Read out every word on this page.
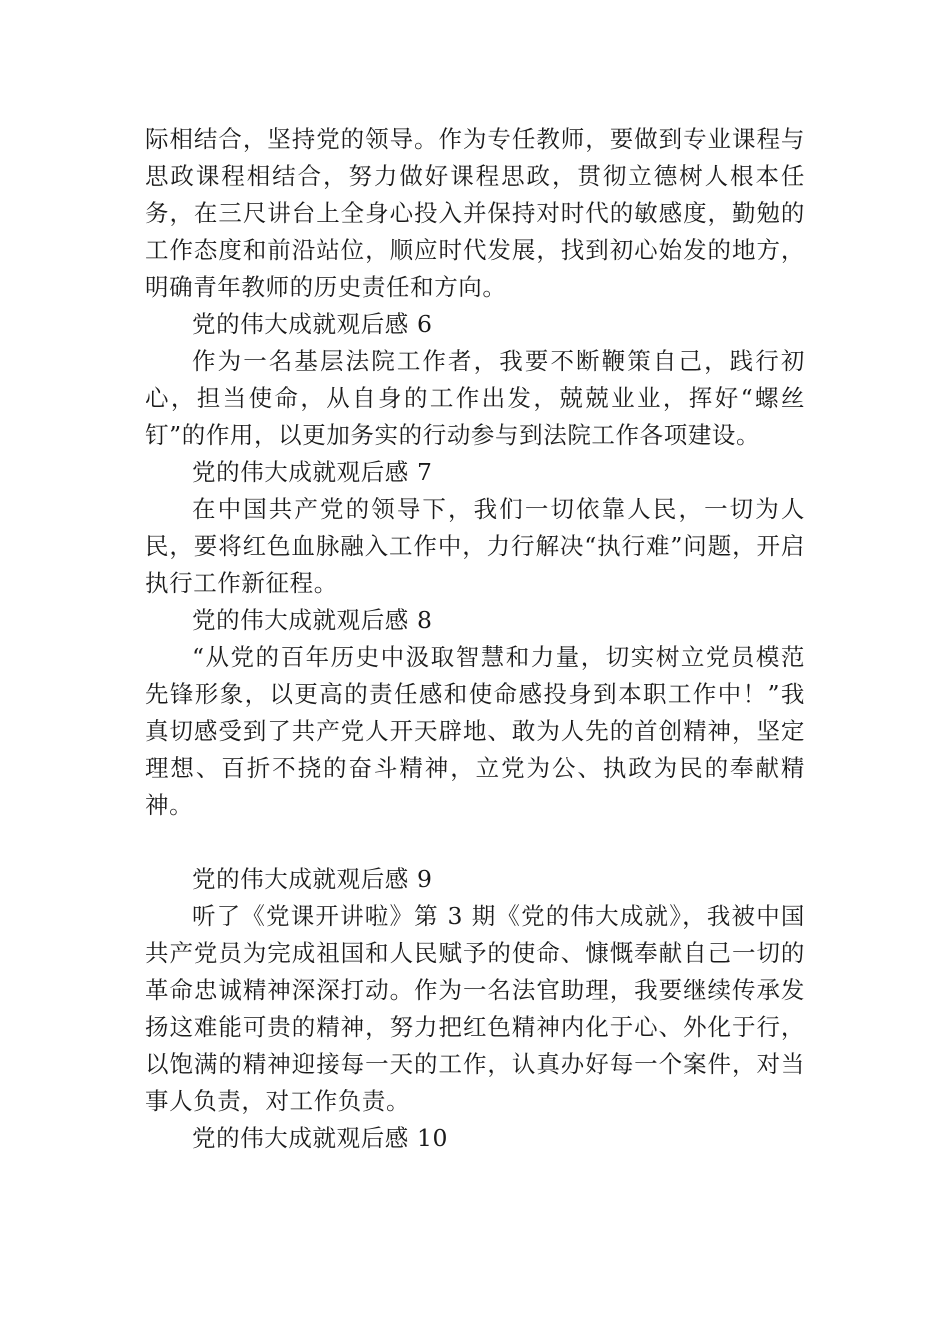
际相结合，坚持党的领导。作为专任教师，要做到专业课程与思政课程相结合，努力做好课程思政，贯彻立德树人根本任务，在三尺讲台上全身心投入并保持对时代的敏感度，勤勉的工作态度和前沿站位，顺应时代发展，找到初心始发的地方，明确青年教师的历史责任和方向。

党的伟大成就观后感 6

作为一名基层法院工作者，我要不断鞭策自己，践行初心，担当使命，从自身的工作出发，兢兢业业，挥好“螺丝钉”的作用，以更加务实的行动参与到法院工作各项建设。

党的伟大成就观后感 7

在中国共产党的领导下，我们一切依靠人民，一切为人民，要将红色血脉融入工作中，力行解决“执行难”问题，开启执行工作新征程。

党的伟大成就观后感 8

“从党的百年历史中汲取智慧和力量，切实树立党员模范先锋形象，以更高的责任感和使命感投身到本职工作中！”我真切感受到了共产党人开天辟地、敢为人先的首创精神，坚定理想、百折不挠的奋斗精神，立党为公、执政为民的奉献精神。

党的伟大成就观后感 9

听了《党课开讲啦》第 3 期《党的伟大成就》，我被中国共产党员为完成祖国和人民赋予的使命、慷慨奉献自己一切的革命忠诚精神深深打动。作为一名法官助理，我要继续传承发扬这难能可贵的精神，努力把红色精神内化于心、外化于行，以饱满的精神迎接每一天的工作，认真办好每一个案件，对当事人负责，对工作负责。

党的伟大成就观后感 10
